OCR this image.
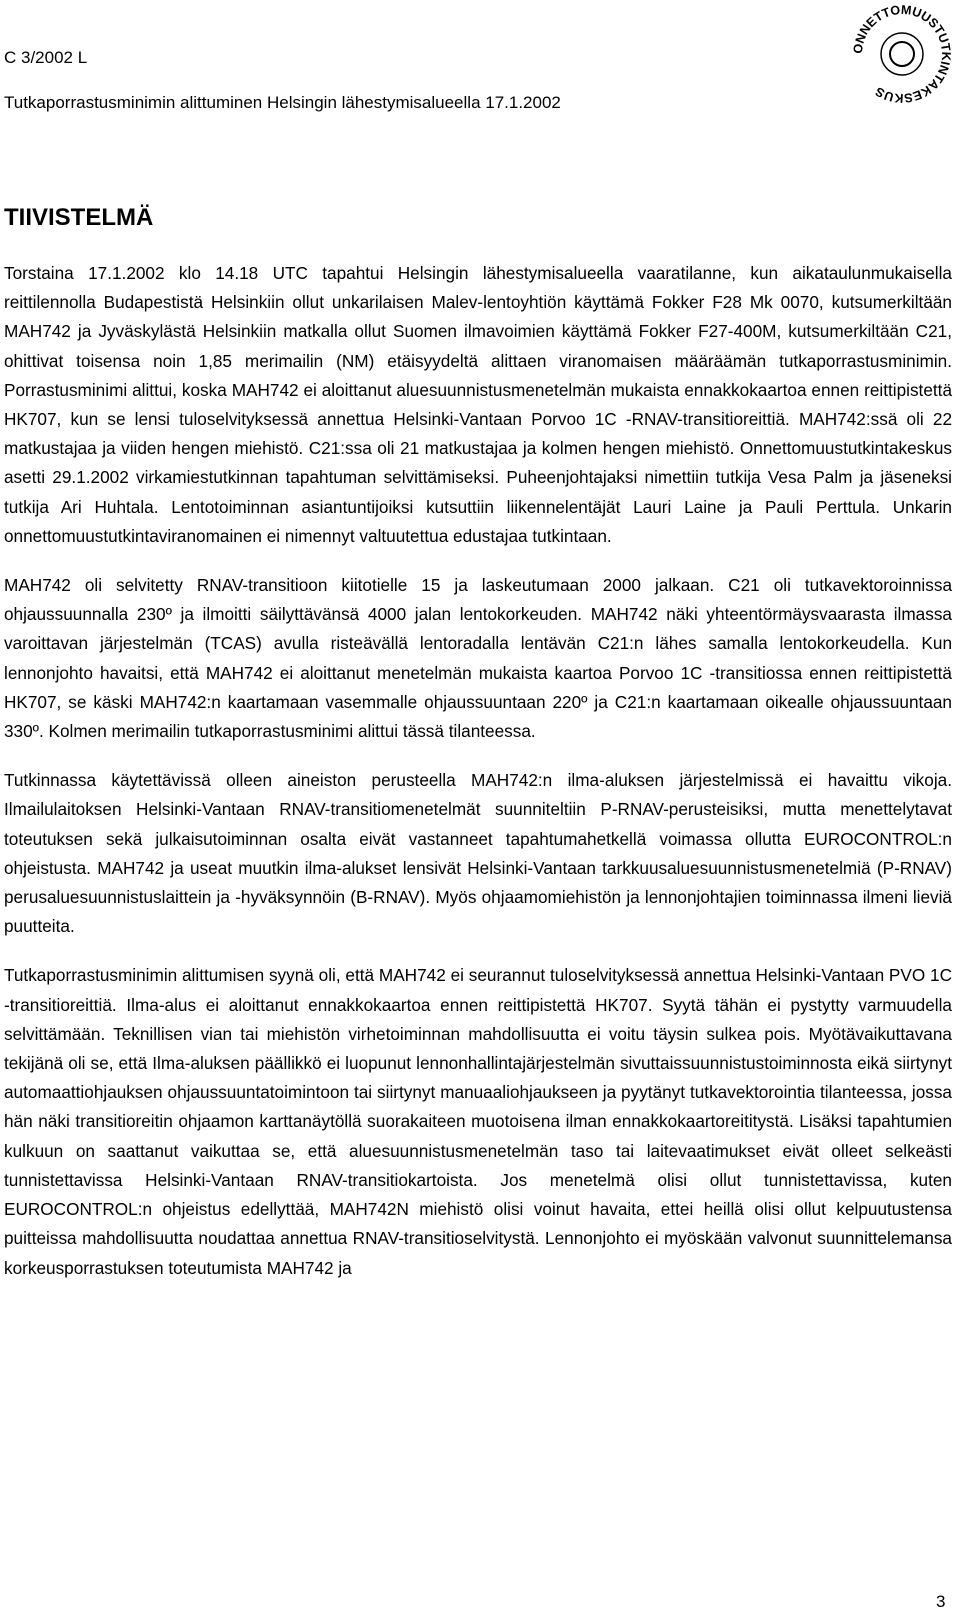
C 3/2002 L
Tutkaporrastusminimin alittuminen Helsingin lähestymisalueella 17.1.2002
ONNETTOMUUSTUTKINTAKESKUS
TIIVISTELMÄ

Torstaina 17.1.2002 klo 14.18 UTC tapahtui Helsingin lähestymisalueella vaaratilanne, kun aikataulunmukaisella reittilennolla Budapestistä Helsinkiin ollut unkarilaisen Malev-lentoyhtiön käyttämä Fokker F28 Mk 0070, kutsumerkiltään MAH742 ja Jyväskylästä Helsinkiin matkalla ollut Suomen ilmavoimien käyttämä Fokker F27-400M, kutsumerkiltään C21, ohittivat toisensa noin 1,85 merimailin (NM) etäisyydeltä alittaen viranomaisen määräämän tutkaporrastusminimin. Porrastusminimi alittui, koska MAH742 ei aloittanut aluesuunnistusmenetelmän mukaista ennakkokaartoa ennen reittipistettä HK707, kun se lensi tuloselvityksessä annettua Helsinki-Vantaan Porvoo 1C -RNAV-transitioreittiä. MAH742:ssä oli 22 matkustajaa ja viiden hengen miehistö. C21:ssa oli 21 matkustajaa ja kolmen hengen miehistö. Onnettomuustutkintakeskus asetti 29.1.2002 virkamiestutkinnan tapahtuman selvittämiseksi. Puheenjohtajaksi nimettiin tutkija Vesa Palm ja jäseneksi tutkija Ari Huhtala. Lentotoiminnan asiantuntijoiksi kutsuttiin liikennelentäjät Lauri Laine ja Pauli Perttula. Unkarin onnettomuustutkintaviranomainen ei nimennyt valtuutettua edustajaa tutkintaan.

MAH742 oli selvitetty RNAV-transitioon kiitotielle 15 ja laskeutumaan 2000 jalkaan. C21 oli tutkavektoroinnissa ohjaussuunnalla 230º ja ilmoitti säilyttävänsä 4000 jalan lentokorkeuden. MAH742 näki yhteentörmäysvaarasta ilmassa varoittavan järjestelmän (TCAS) avulla risteävällä lentoradalla lentävän C21:n lähes samalla lentokorkeudella. Kun lennonjohto havaitsi, että MAH742 ei aloittanut menetelmän mukaista kaartoa Porvoo 1C -transitiossa ennen reittipistettä HK707, se käski MAH742:n kaartamaan vasemmalle ohjaussuuntaan 220º ja C21:n kaartamaan oikealle ohjaussuuntaan 330º. Kolmen merimailin tutkaporrastusminimi alittui tässä tilanteessa.

Tutkinnassa käytettävissä olleen aineiston perusteella MAH742:n ilma-aluksen järjestelmissä ei havaittu vikoja. Ilmailulaitoksen Helsinki-Vantaan RNAV-transitiomenetelmät suunniteltiin P-RNAV-perusteisiksi, mutta menettelytavat toteutuksen sekä julkaisutoiminnan osalta eivät vastanneet tapahtumahetkellä voimassa ollutta EUROCONTROL:n ohjeistusta. MAH742 ja useat muutkin ilma-alukset lensivät Helsinki-Vantaan tarkkuusaluesuunnistusmenetelmiä (P-RNAV) perusaluesuunnistuslaittein ja -hyväksynnöin (B-RNAV). Myös ohjaamomiehistön ja lennonjohtajien toiminnassa ilmeni lieviä puutteita.

Tutkaporrastusminimin alittumisen syynä oli, että MAH742 ei seurannut tuloselvityksessä annettua Helsinki-Vantaan PVO 1C -transitioreittiä. Ilma-alus ei aloittanut ennakkokaartoa ennen reittipistettä HK707. Syytä tähän ei pystytty varmuudella selvittämään. Teknillisen vian tai miehistön virhetoiminnan mahdollisuutta ei voitu täysin sulkea pois. Myötävaikuttavana tekijänä oli se, että Ilma-aluksen päällikkö ei luopunut lennonhallintajärjestelmän sivuttaissuunnistustoiminnosta eikä siirtynyt automaattiohjauksen ohjaussuuntatoimintoon tai siirtynyt manuaaliohjaukseen ja pyytänyt tutkavektorointia tilanteessa, jossa hän näki transitioreitin ohjaamon karttanäytöllä suorakaiteen muotoisena ilman ennakkokaartoreititystä. Lisäksi tapahtumien kulkuun on saattanut vaikuttaa se, että aluesuunnistusmenetelmän taso tai laitevaatimukset eivät olleet selkeästi tunnistettavissa Helsinki-Vantaan RNAV-transitiokartoista. Jos menetelmä olisi ollut tunnistettavissa, kuten EUROCONTROL:n ohjeistus edellyttää, MAH742N miehistö olisi voinut havaita, ettei heillä olisi ollut kelpuutustensa puitteissa mahdollisuutta noudattaa annettua RNAV-transitioselvitystä. Lennonjohto ei myöskään valvonut suunnittelemansa korkeusporrastuksen toteutumista MAH742 ja

3
